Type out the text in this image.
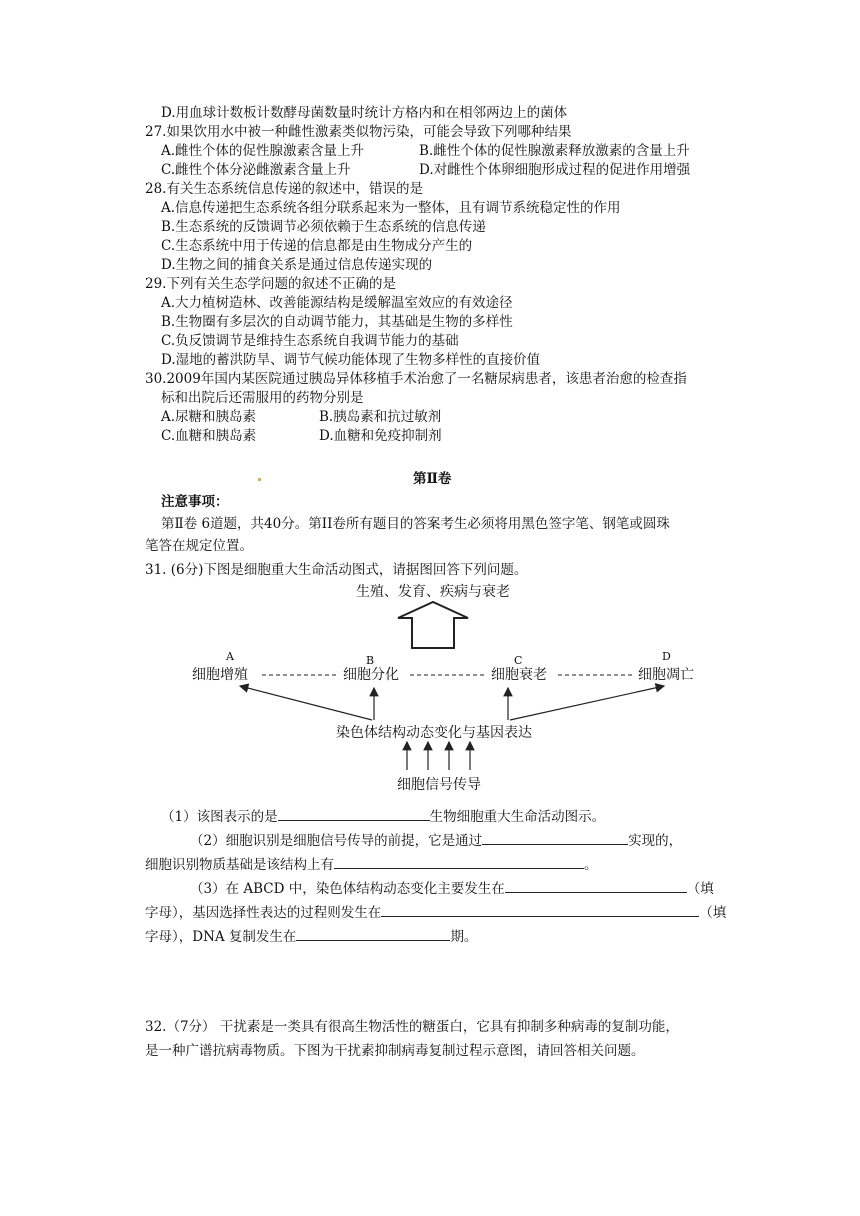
D.用血球计数板计数酵母菌数量时统计方格内和在相邻两边上的菌体
27.如果饮用水中被一种雌性激素类似物污染，可能会导致下列哪种结果
A.雌性个体的促性腺激素含量上升	B.雌性个体的促性腺激素释放激素的含量上升
C.雌性个体分泌雌激素含量上升	D.对雌性个体卵细胞形成过程的促进作用增强
28.有关生态系统信息传递的叙述中，错误的是
A.信息传递把生态系统各组分联系起来为一整体，且有调节系统稳定性的作用
B.生态系统的反馈调节必须依赖于生态系统的信息传递
C.生态系统中用于传递的信息都是由生物成分产生的
D.生物之间的捕食关系是通过信息传递实现的
29.下列有关生态学问题的叙述不正确的是
A.大力植树造林、改善能源结构是缓解温室效应的有效途径
B.生物圈有多层次的自动调节能力，其基础是生物的多样性
C.负反馈调节是维持生态系统自我调节能力的基础
D.湿地的蓄洪防旱、调节气候功能体现了生物多样性的直接价值
30.2009年国内某医院通过胰岛异体移植手术治愈了一名糖尿病患者，该患者治愈的检查指
标和出院后还需服用的药物分别是
A.尿糖和胰岛素	B.胰岛素和抗过敏剂
C.血糖和胰岛素	D.血糖和免疫抑制剂
第Ⅱ卷
注意事项：
第Ⅱ卷 6道题，共40分。第II卷所有题目的答案考生必须将用黑色签字笔、钢笔或圆珠
笔答在规定位置。
31. (6分)下图是细胞重大生命活动图式，请据图回答下列问题。
生殖、发育、疾病与衰老
A	B	C	D
细胞增殖	细胞分化	细胞衰老	细胞凋亡
染色体结构动态变化与基因表达
细胞信号传导
（1）该图表示的是	生物细胞重大生命活动图示。
（2）细胞识别是细胞信号传导的前提，它是通过	实现的，
细胞识别物质基础是该结构上有	。
（3）在 ABCD 中，染色体结构动态变化主要发生在	（填
字母），基因选择性表达的过程则发生在	（填
字母），DNA 复制发生在	期。
32.（7分） 干扰素是一类具有很高生物活性的糖蛋白，它具有抑制多种病毒的复制功能，
是一种广谱抗病毒物质。下图为干扰素抑制病毒复制过程示意图，请回答相关问题。
